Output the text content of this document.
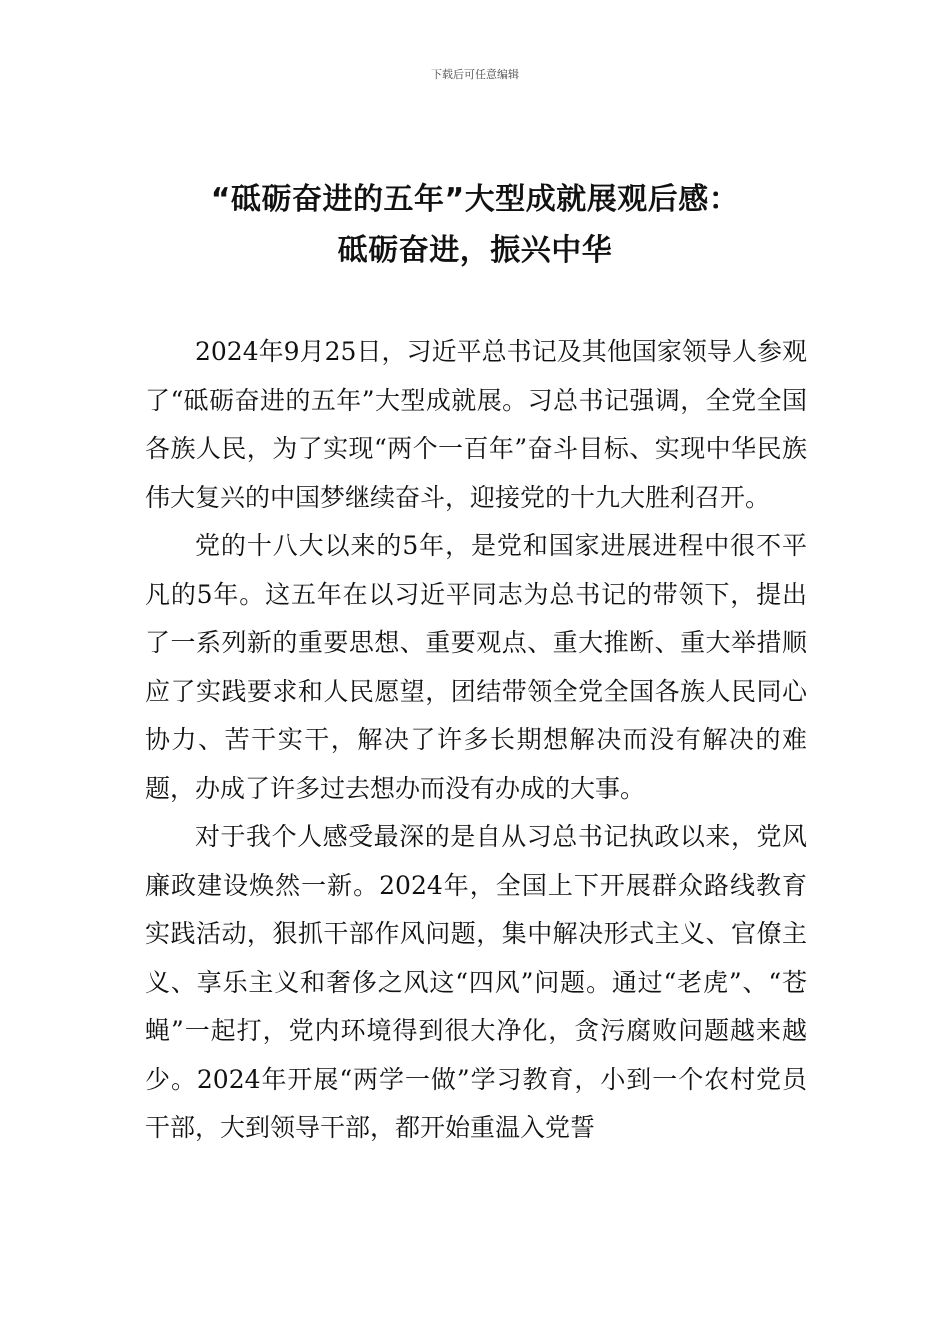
下载后可任意编辑
“砥砺奋进的五年”大型成就展观后感：
砥砺奋进，振兴中华

2024年9月25日，习近平总书记及其他国家领导人参观了“砥砺奋进的五年”大型成就展。习总书记强调，全党全国各族人民，为了实现“两个一百年”奋斗目标、实现中华民族伟大复兴的中国梦继续奋斗，迎接党的十九大胜利召开。

党的十八大以来的5年，是党和国家进展进程中很不平凡的5年。这五年在以习近平同志为总书记的带领下，提出了一系列新的重要思想、重要观点、重大推断、重大举措顺应了实践要求和人民愿望，团结带领全党全国各族人民同心协力、苦干实干，解决了许多长期想解决而没有解决的难题，办成了许多过去想办而没有办成的大事。

对于我个人感受最深的是自从习总书记执政以来，党风廉政建设焕然一新。2024年，全国上下开展群众路线教育实践活动，狠抓干部作风问题，集中解决形式主义、官僚主义、享乐主义和奢侈之风这“四风”问题。通过“老虎”、“苍蝇”一起打，党内环境得到很大净化，贪污腐败问题越来越少。2024年开展“两学一做”学习教育，小到一个农村党员干部，大到领导干部，都开始重温入党誓
